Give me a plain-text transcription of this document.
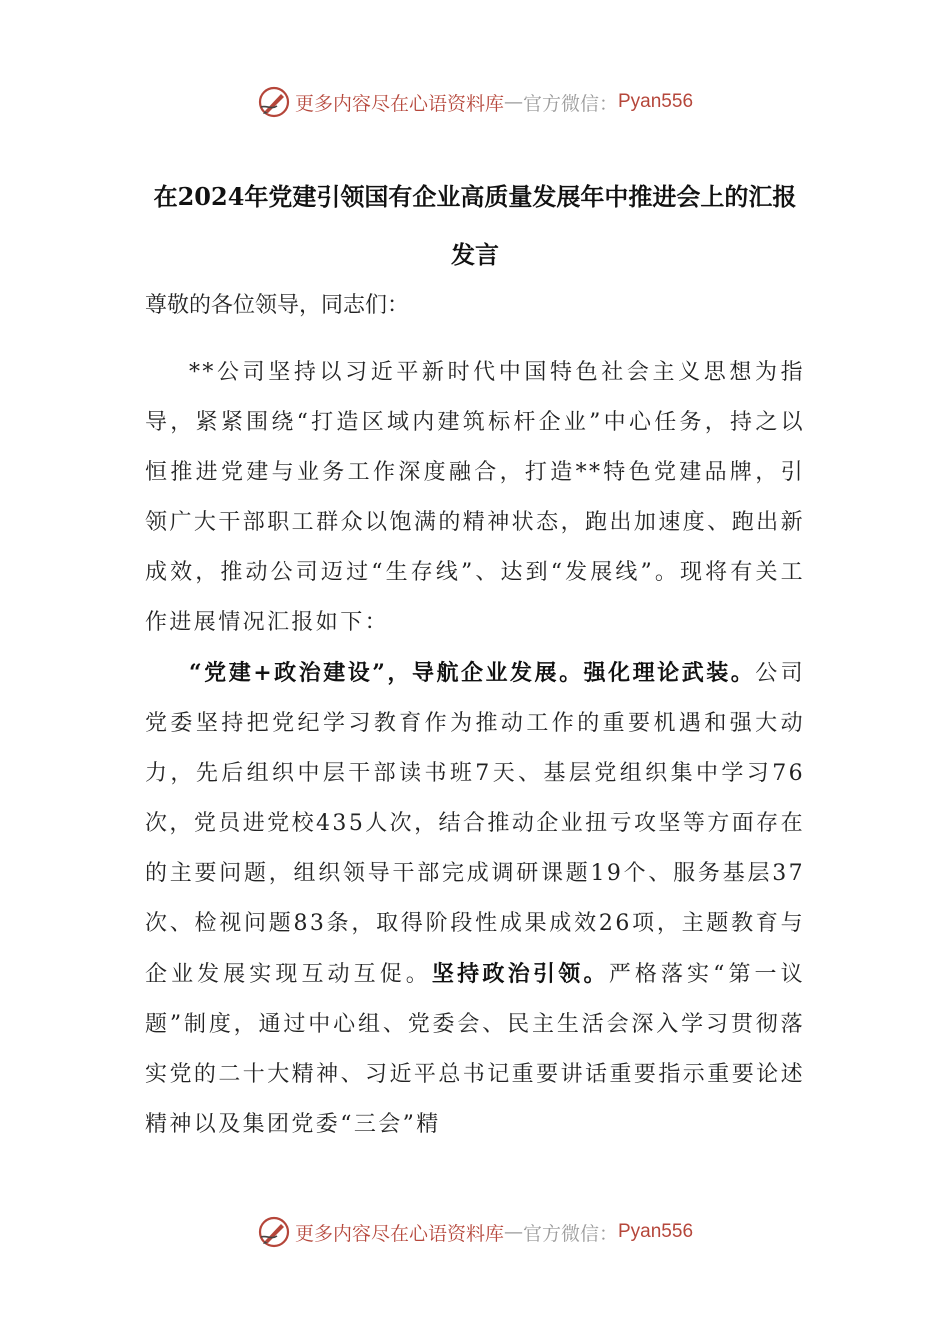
更多内容尽在心语资料库 — 官方微信： Pyan556
在2024年党建引领国有企业高质量发展年中推进会上的汇报发言
尊敬的各位领导，同志们：

**公司坚持以习近平新时代中国特色社会主义思想为指导，紧紧围绕“打造区域内建筑标杆企业”中心任务，持之以恒推进党建与业务工作深度融合，打造**特色党建品牌，引领广大干部职工群众以饱满的精神状态，跑出加速度、跑出新成效，推动公司迈过“生存线”、达到“发展线”。现将有关工作进展情况汇报如下：

“党建+政治建设”，导航企业发展。强化理论武装。公司党委坚持把党纪学习教育作为推动工作的重要机遇和强大动力，先后组织中层干部读书班7天、基层党组织集中学习76次，党员进党校435人次，结合推动企业扭亏攻坚等方面存在的主要问题，组织领导干部完成调研课题19个、服务基层37次、检视问题83条，取得阶段性成果成效26项，主题教育与企业发展实现互动互促。坚持政治引领。严格落实“第一议题”制度，通过中心组、党委会、民主生活会深入学习贯彻落实党的二十大精神、习近平总书记重要讲话重要指示重要论述精神以及集团党委“三会”精

更多内容尽在心语资料库 — 官方微信： Pyan556
